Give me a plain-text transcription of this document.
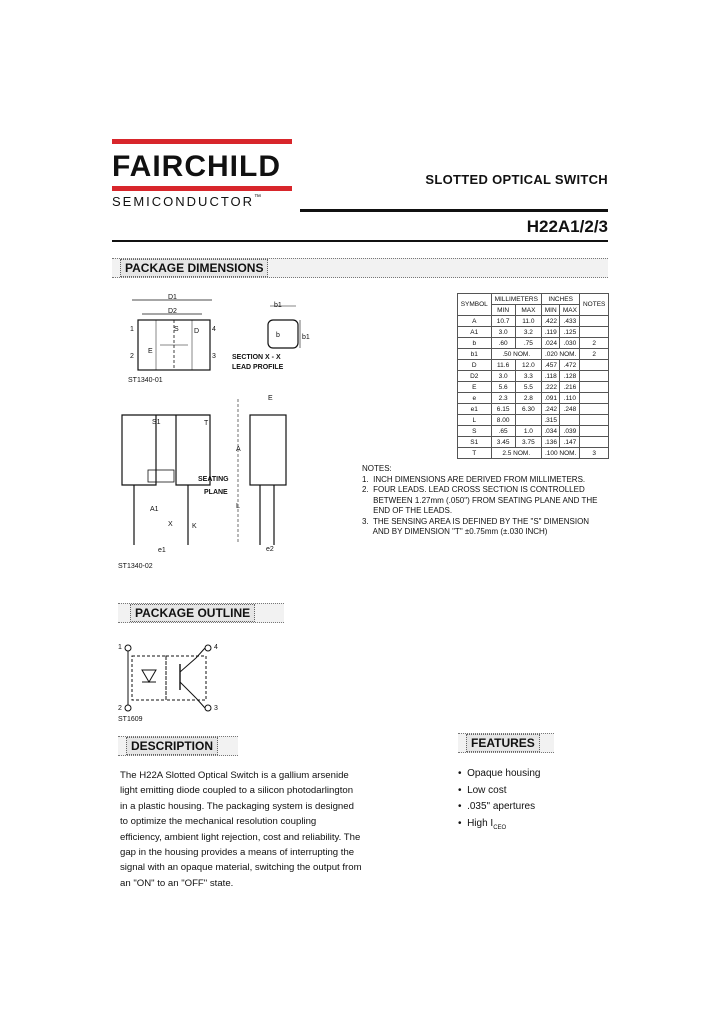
FAIRCHILD
SEMICONDUCTOR™
SLOTTED OPTICAL SWITCH
H22A1/2/3
PACKAGE DIMENSIONS
D1
D2
S D
E
1
2	3
4
ST1340-01
b1
b	b1
SECTION X - X
LEAD PROFILE
E
S1	T
A
SEATING
PLANE
A1
X	K
L
e1	e2
ST1340-02
SYMBOL	MILLIMETERS		INCHES		NOTES
	MIN	MAX	MIN	MAX	
A	10.7	11.0	.422	.433	
A1	3.0	3.2	.119	.125	
b	.60	.75	.024	.030	2
b1	.50 NOM.		.020 NOM.		2
D	11.6	12.0	.457	.472	
D2	3.0	3.3	.118	.128	
E	5.6	5.5	.222	.216	
e	2.3	2.8	.091	.110	
e1	6.15	6.30	.242	.248	
L	8.00		.315		
S	.65	1.0	.034	.039	
S1	3.45	3.75	.136	.147	
T	2.5 NOM.		.100 NOM.		3
NOTES:
1.  INCH DIMENSIONS ARE DERIVED FROM MILLIMETERS.
2.  FOUR LEADS. LEAD CROSS SECTION IS CONTROLLED
BETWEEN 1.27mm (.050") FROM SEATING PLANE AND THE
END OF THE LEADS.
3.  THE SENSING AREA IS DEFINED BY THE "S" DIMENSION
AND BY DIMENSION "T" ±0.75mm (±.030 INCH)
PACKAGE OUTLINE
1
2	3
4
ST1609
DESCRIPTION
The H22A Slotted Optical Switch is a gallium arsenide
light emitting diode coupled to a silicon photodarlington
in a plastic housing. The packaging system is designed
to optimize the mechanical resolution coupling
efficiency, ambient light rejection, cost and reliability. The
gap in the housing provides a means of interrupting the
signal with an opaque material, switching the output from
an "ON" to an "OFF" state.
FEATURES
•  Opaque housing
•  Low cost
•  .035" apertures
•  High $I_{CEO}$
